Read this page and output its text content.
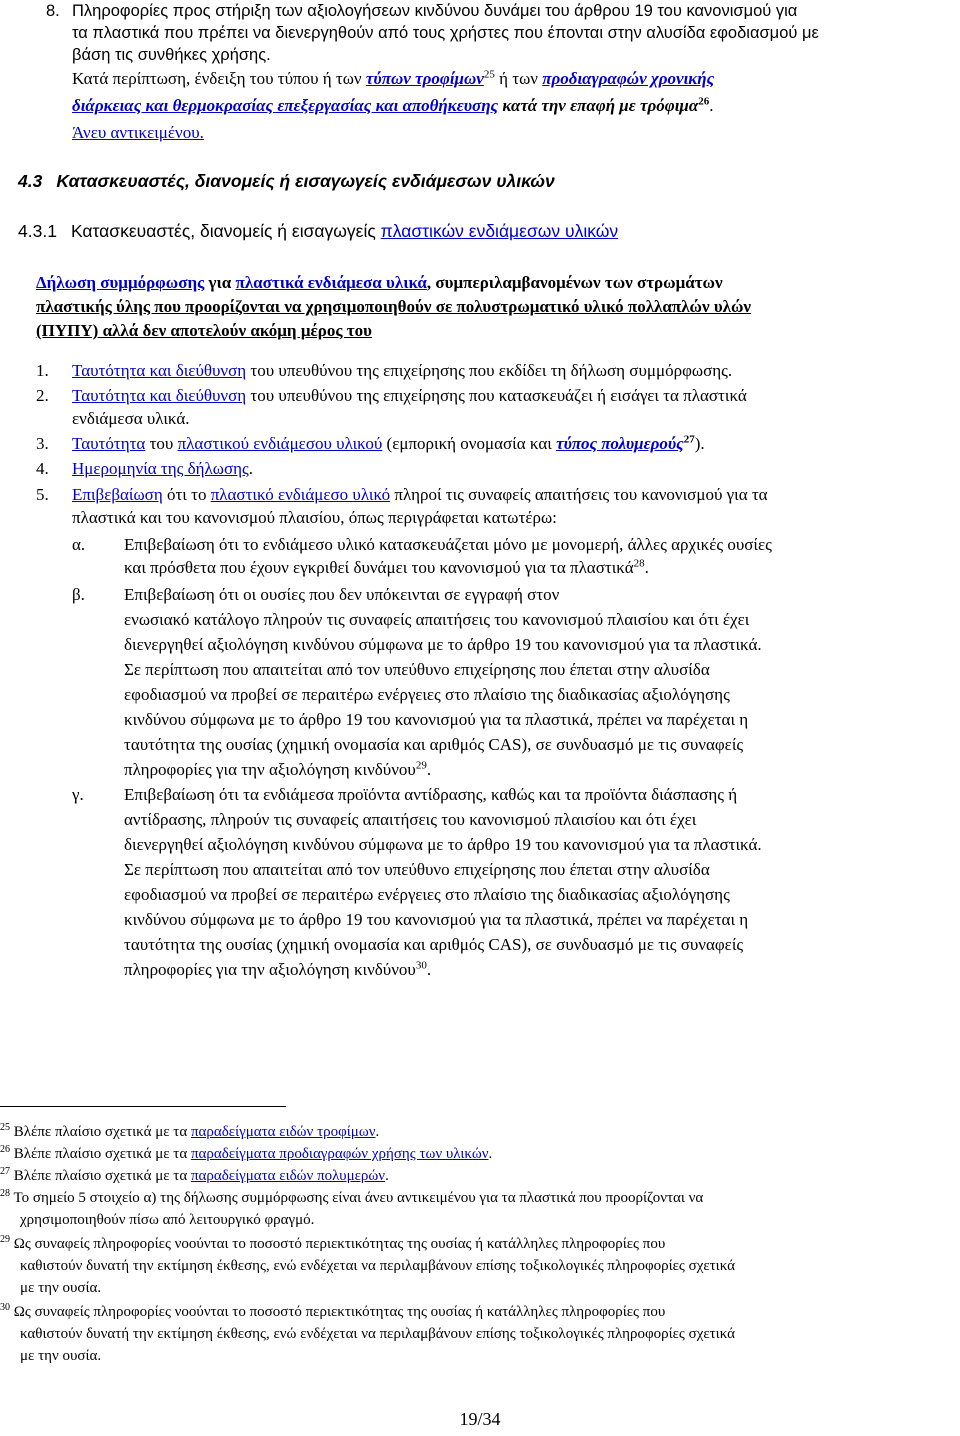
8. Πληροφορίες προς στήριξη των αξιολογήσεων κινδύνου δυνάμει του άρθρου 19 του κανονισμού για
τα πλαστικά που πρέπει να διενεργηθούν από τους χρήστες που έπονται στην αλυσίδα εφοδιασμού με
βάση τις συνθήκες χρήσης.
Κατά περίπτωση, ένδειξη του τύπου ή των τύπων τροφίμων$^{25}$ ή των προδιαγραφών χρονικής
διάρκειας και θερμοκρασίας επεξεργασίας και αποθήκευσης κατά την επαφή με τρόφιμα$^{26}$.
Άνευ αντικειμένου.
4.3 Κατασκευαστές, διανομείς ή εισαγωγείς ενδιάμεσων υλικών
4.3.1 Κατασκευαστές, διανομείς ή εισαγωγείς πλαστικών ενδιάμεσων υλικών
Δήλωση συμμόρφωσης για πλαστικά ενδιάμεσα υλικά, συμπεριλαμβανομένων των στρωμάτων
πλαστικής ύλης που προορίζονται να χρησιμοποιηθούν σε πολυστρωματικό υλικό πολλαπλών υλών
(ΠΥΠΥ) αλλά δεν αποτελούν ακόμη μέρος του
1. Ταυτότητα και διεύθυνση του υπευθύνου της επιχείρησης που εκδίδει τη δήλωση συμμόρφωσης.
2. Ταυτότητα και διεύθυνση του υπευθύνου της επιχείρησης που κατασκευάζει ή εισάγει τα πλαστικά
ενδιάμεσα υλικά.
3. Ταυτότητα του πλαστικού ενδιάμεσου υλικού (εμπορική ονομασία και τύπος πολυμερούς$^{27}$).
4. Ημερομηνία της δήλωσης.
5. Επιβεβαίωση ότι το πλαστικό ενδιάμεσο υλικό πληροί τις συναφείς απαιτήσεις του κανονισμού για τα
πλαστικά και του κανονισμού πλαισίου, όπως περιγράφεται κατωτέρω:
α. Επιβεβαίωση ότι το ενδιάμεσο υλικό κατασκευάζεται μόνο με μονομερή, άλλες αρχικές ουσίες
και πρόσθετα που έχουν εγκριθεί δυνάμει του κανονισμού για τα πλαστικά$^{28}$.
β. Επιβεβαίωση ότι οι ουσίες που δεν υπόκεινται σε εγγραφή στον
ενωσιακό κατάλογο πληρούν τις συναφείς απαιτήσεις του κανονισμού πλαισίου και ότι έχει
διενεργηθεί αξιολόγηση κινδύνου σύμφωνα με το άρθρο 19 του κανονισμού για τα πλαστικά.
Σε περίπτωση που απαιτείται από τον υπεύθυνο επιχείρησης που έπεται στην αλυσίδα
εφοδιασμού να προβεί σε περαιτέρω ενέργειες στο πλαίσιο της διαδικασίας αξιολόγησης
κινδύνου σύμφωνα με το άρθρο 19 του κανονισμού για τα πλαστικά, πρέπει να παρέχεται η
ταυτότητα της ουσίας (χημική ονομασία και αριθμός CAS), σε συνδυασμό με τις συναφείς
πληροφορίες για την αξιολόγηση κινδύνου$^{29}$.
γ. Επιβεβαίωση ότι τα ενδιάμεσα προϊόντα αντίδρασης, καθώς και τα προϊόντα διάσπασης ή
αντίδρασης, πληρούν τις συναφείς απαιτήσεις του κανονισμού πλαισίου και ότι έχει
διενεργηθεί αξιολόγηση κινδύνου σύμφωνα με το άρθρο 19 του κανονισμού για τα πλαστικά.
Σε περίπτωση που απαιτείται από τον υπεύθυνο επιχείρησης που έπεται στην αλυσίδα
εφοδιασμού να προβεί σε περαιτέρω ενέργειες στο πλαίσιο της διαδικασίας αξιολόγησης
κινδύνου σύμφωνα με το άρθρο 19 του κανονισμού για τα πλαστικά, πρέπει να παρέχεται η
ταυτότητα της ουσίας (χημική ονομασία και αριθμός CAS), σε συνδυασμό με τις συναφείς
πληροφορίες για την αξιολόγηση κινδύνου$^{30}$.
$^{25}$ Βλέπε πλαίσιο σχετικά με τα παραδείγματα ειδών τροφίμων.
$^{26}$ Βλέπε πλαίσιο σχετικά με τα παραδείγματα προδιαγραφών χρήσης των υλικών.
$^{27}$ Βλέπε πλαίσιο σχετικά με τα παραδείγματα ειδών πολυμερών.
$^{28}$ Το σημείο 5 στοιχείο α) της δήλωσης συμμόρφωσης είναι άνευ αντικειμένου για τα πλαστικά που προορίζονται να
χρησιμοποιηθούν πίσω από λειτουργικό φραγμό.
$^{29}$ Ως συναφείς πληροφορίες νοούνται το ποσοστό περιεκτικότητας της ουσίας ή κατάλληλες πληροφορίες που
καθιστούν δυνατή την εκτίμηση έκθεσης, ενώ ενδέχεται να περιλαμβάνουν επίσης τοξικολογικές πληροφορίες σχετικά
με την ουσία.
$^{30}$ Ως συναφείς πληροφορίες νοούνται το ποσοστό περιεκτικότητας της ουσίας ή κατάλληλες πληροφορίες που
καθιστούν δυνατή την εκτίμηση έκθεσης, ενώ ενδέχεται να περιλαμβάνουν επίσης τοξικολογικές πληροφορίες σχετικά
με την ουσία.
19/34
